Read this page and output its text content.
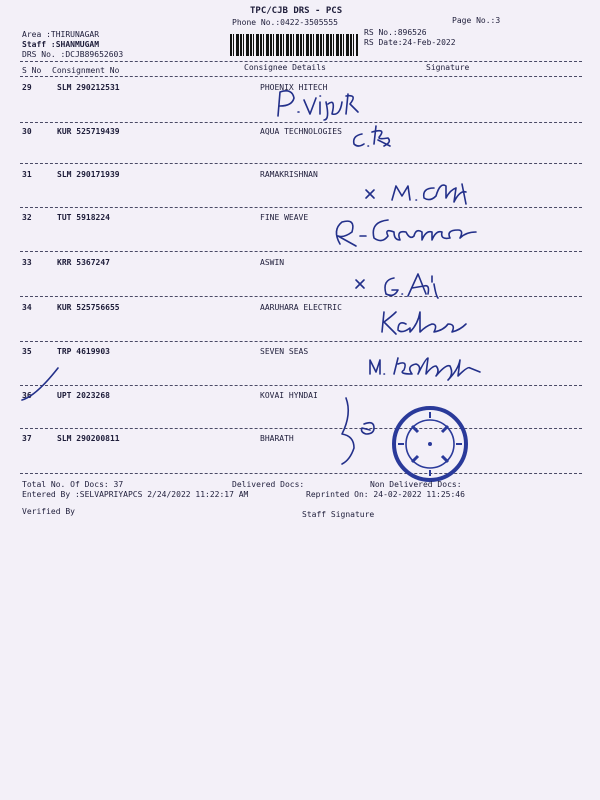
TPC/CJB DRS - PCS
Phone No.:0422-3505555	Page No.:3
Area :THIRUNAGAR
Staff :SHANMUGAM
DRS No. :DCJB89652603
RS No.:896526
RS Date:24-Feb-2022
S No Consignment No	Consignee Details	Signature
29	SLM 290212531	PHOENIX HITECH
30	KUR 525719439	AQUA TECHNOLOGIES
31	SLM 290171939	RAMAKRISHNAN
32	TUT 5918224	FINE WEAVE
33	KRR 5367247	ASWIN
34	KUR 525756655	AARUHARA ELECTRIC
35	TRP 4619903	SEVEN SEAS
36	UPT 2023268	KOVAI HYNDAI
37	SLM 290200811	BHARATH
Total No. Of Docs: 37	Delivered Docs:	Non Delivered Docs:
Entered By :SELVAPRIYAPCS 2/24/2022 11:22:17 AM	Reprinted On: 24-02-2022 11:25:46
Verified By	Staff Signature
